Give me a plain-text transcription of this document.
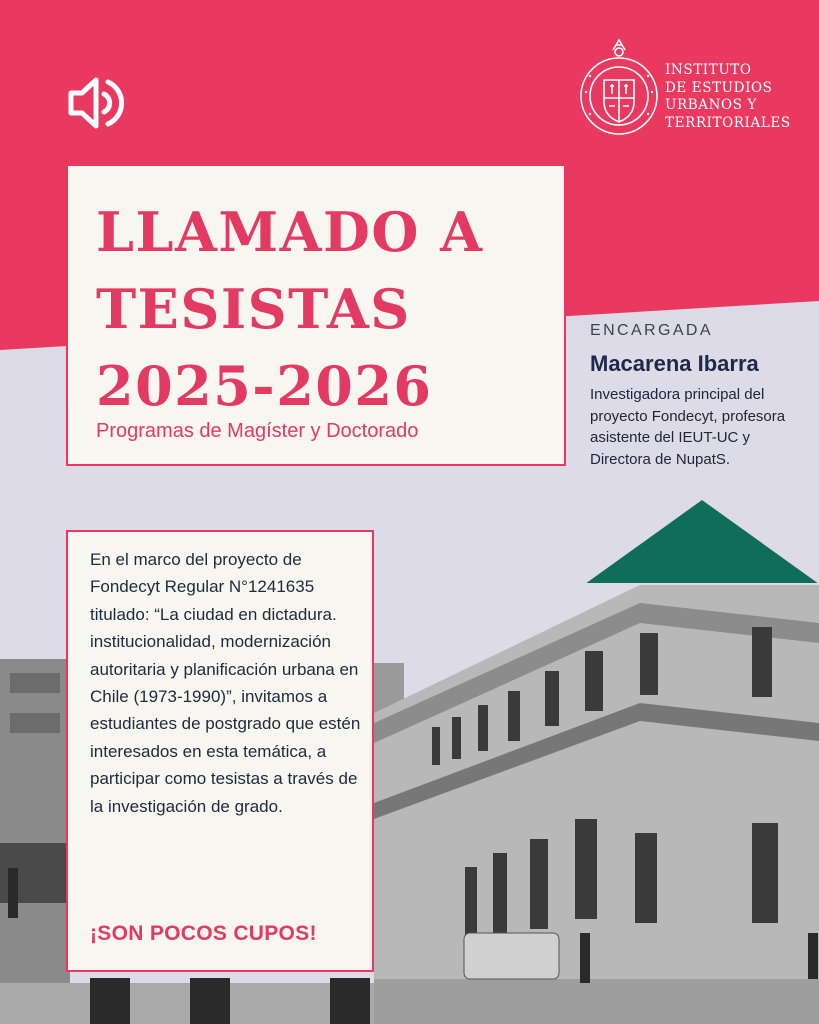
INSTITUTO
DE ESTUDIOS
URBANOS Y
TERRITORIALES
LLAMADO A
TESISTAS
2025-2026
Programas de Magíster y Doctorado
ENCARGADA
Macarena Ibarra
Investigadora principal del proyecto Fondecyt, profesora asistente del IEUT-UC y Directora de NupatS.
En el marco del proyecto de Fondecyt Regular N°1241635 titulado: “La ciudad en dictadura. institucionalidad, modernización autoritaria y planificación urbana en Chile (1973-1990)”, invitamos a estudiantes de postgrado que estén interesados en esta temática, a participar como tesistas a través de la investigación de grado.
¡SON POCOS CUPOS!
